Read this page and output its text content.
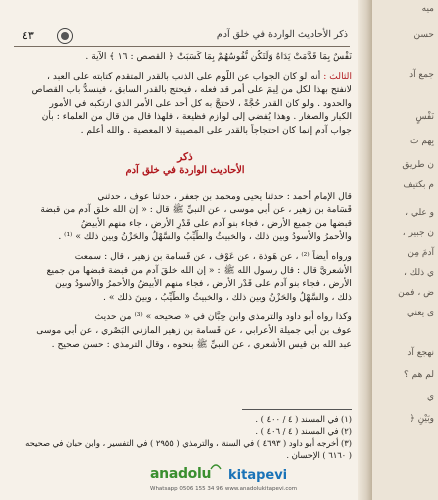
٤٣	ذكر الأحاديث الواردة في خلق آدم
نَفْسٌ بِمَا قَدَّمَتْ يَدَاهُ وَلَتَكُن نُّفُوسُهُمْ بِمَا كَسَبَتْ ﴿ القصص : ١٦ ﴾ الآية .
الثالث : أنه لو كان الجواب عن اللَّوم على الذنب بالقدر المتقدم كتابته على العبد ،
لانفتح بهذا لكل من لِيمَ على أمر قد فعله ، فيحتج بالقدر السابق ، فينسدُّ باب القصاص
والحدود . ولو كان القدر حُجَّةً ، لاحتجَّ به كل أحد على الأمر الذي ارتكبه في الأمور
الكبار والصغار . وهذا يُفضي إلى لوازم فظيعة ، فلهذا قال من قال من العلماء : بأن
جواب آدم إنما كان احتجاجاً بالقدر على المصيبة لا المعصية . والله أعلم .
ذكر
الأحاديث الواردة في خلق آدم
قال الإمام أحمد : حدثنا يحيى ومحمد بن جعفر ، حدثنا عوف ، حدثني
قَسَامة بن زهير ، عن أبي موسى ، عن النبيِّ ﷺ قال : « إن الله خلق آدم من قبضة
قبضها من جميع الأرض ، فجاء بنو آدم على قَدْرِ الأرض ، جاء منهم الأبيضُ
والأحمرُ والأسودُ وبين ذلك ، والخبيثُ والطَّيِّبُ والسَّهْلُ والحَزْنُ وبين ذلك » ⁽¹⁾ .
ورواه أيضاً ⁽²⁾ ، عن هَوذة ، عن عَوْف ، عن قَسامة بن زهير ، قال : سمعت
الأشعريَّ قال : قال رسول الله ﷺ : « إن الله خلقَ آدم من قبضة قبضها من جميع
الأرض ، فجاء بنو آدم على قَدْر الأرض ، فجاء منهم الأبيضُ والأحمرُ والأسودُ وبين
ذلك ، والسَّهْلُ والحَزْنُ وبين ذلك ، والخبيثُ والطَّيِّبُ ، وبينَ ذلك » .
وكذا رواه أبو داود والترمذي وابن حِبَّان في « صحيحه » ⁽³⁾ من حديث
عوف بن أبي جميلة الأعرابي ، عن قَسامة بن زهير المازني البَصْري ، عن أبي موسى
عبد الله بن قيس الأشعري ، عن النبيِّ ﷺ بنحوه ، وقال الترمذي : حسن صحيح .
(١) في المسند ( ٤ / ٤٠٠ ) .
(٢) في المسند ( ٤ / ٤٠٦ ) .
(٣) أخرجه أبو داود ( ٤٦٩٣ ) في السنة ، والترمذي ( ٢٩٥٥ ) في التفسير ، وابن حبان في صحيحه
( ٦١٦٠ ) الإحسان .
anadolu kitapevi
Whatsapp 0506 155 34 96 www.anadolukitapevi.com
ميه
حسن
جمع آد
نَفْسٍ
بِهم ت
ن طريق
م بكتيف
و علي ،
ن جبير ،
آدمَ مِن
ي ذلك ،
ض ، فمن
ى يعني
نهجع آد
لم هم ؟
ي
وبَيْنِ ﴿
